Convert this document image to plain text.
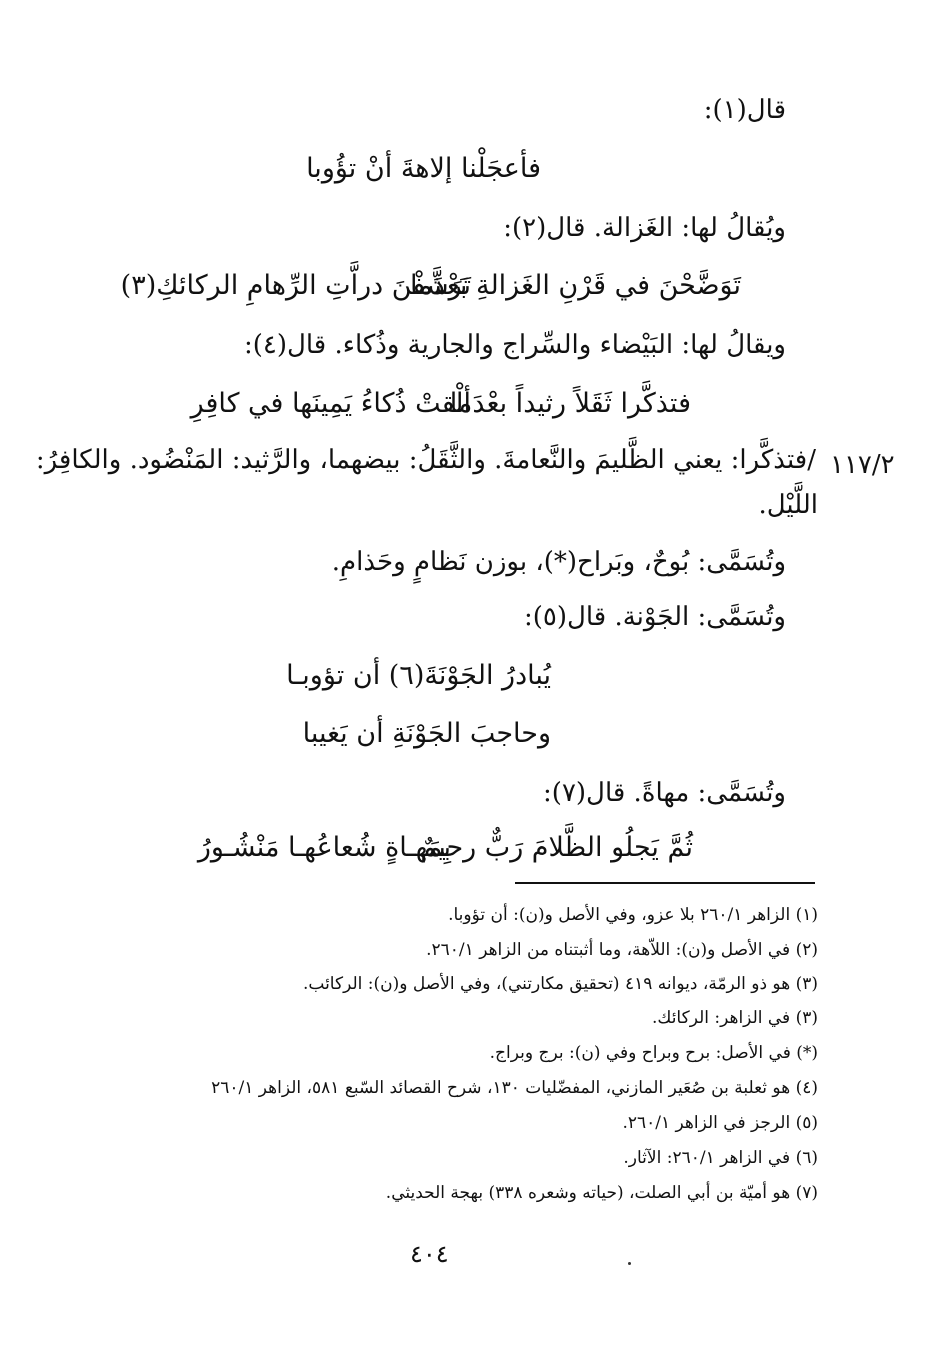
قال(١):
فأعجَلْنا إلاهةَ أنْ تؤُوبا
ويُقالُ لها: الغَزالة. قال(٢):
تَوَضَّحْنَ في قَرْنِ الغَزالةِ بَعْدَما
تَرَشَّفْنَ دراَّتِ الرِّهامِ الركائكِ(٣)
ويقالُ لها: البَيْضاء والسِّراج والجارية وذُكاء. قال(٤):
فتذكَّرا ثَقَلاً رثيداً بعْدَما
ألْقتْ ذُكاءُ يَمِينَها في كافِرِ
١١٧/٢
/فتذكَّرا: يعني الظَّليمَ والنَّعامةَ. والثَّقَلُ: بيضهما، والرَّثيد: المَنْضُود. والكافِرُ:
اللَّيْل.
وتُسَمَّى: بُوحٌ، وبَراح(*)، بوزن نَظامٍ وحَذامِ.
وتُسَمَّى: الجَوْنة. قال(٥):
يُبادرُ الجَوْنَةَ(٦) أن تؤوبـا
وحاجبَ الجَوْنَةِ أن يَغيبا
وتُسَمَّى: مهاةً. قال(٧):
ثُمَّ يَجلُو الظَّلامَ رَبٌّ رحيمٌ
بِمَهـاةٍ شُعاعُهـا مَنْشُـورُ
(١) الزاهر ٢٦٠/١ بلا عزو، وفي الأصل و(ن): أن تؤوبا.
(٢) في الأصل و(ن): اللاّهة، وما أثبتناه من الزاهر ٢٦٠/١.
(٣) هو ذو الرمّة، ديوانه ٤١٩ (تحقيق مكارتني)، وفي الأصل و(ن): الركائب.
(٣) في الزاهر: الركائك.
(*) في الأصل: برح وبراح وفي (ن): برج وبراج.
(٤) هو ثعلبة بن صُعَير المازني، المفضّليات ١٣٠، شرح القصائد السّبع ٥٨١، الزاهر ٢٦٠/١
(٥) الرجز في الزاهر ٢٦٠/١.
(٦) في الزاهر ٢٦٠/١: الآثار.
(٧) هو أميّة بن أبي الصلت، (حياته وشعره ٣٣٨) بهجة الحديثي.
٤٠٤
